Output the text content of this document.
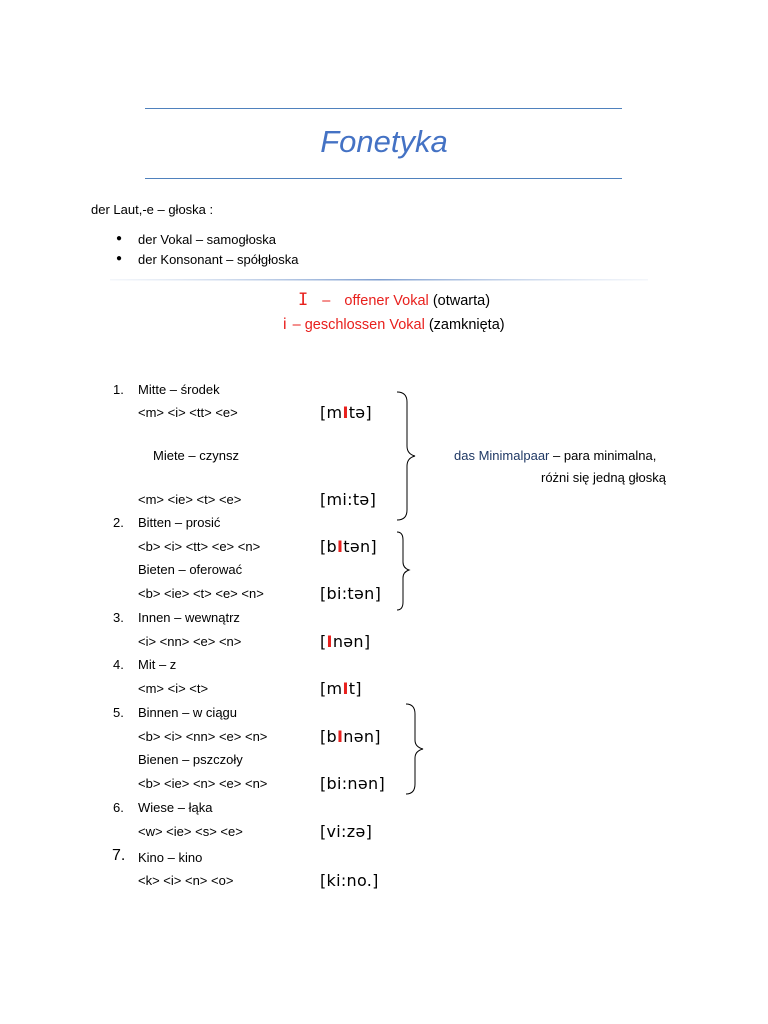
Fonetyka
der Laut,-e – głoska :
● der Vokal – samogłoska
● der Konsonant – spółgłoska
I – offener Vokal (otwarta)
i – geschlossen Vokal (zamknięta)
1. Mitte – środek
<m> <i> <tt> <e>	[mItə]
Miete – czynsz
<m> <ie> <t> <e>	[mi:tə]
das Minimalpaar – para minimalna,
różni się jedną głoską
2. Bitten – prosić
<b> <i> <tt> <e> <n>	[bItən]
Bieten – oferować
<b> <ie> <t> <e> <n>	[bi:tən]
3. Innen – wewnątrz
<i> <nn> <e> <n>	[Inən]
4. Mit – z
<m> <i> <t>	[mIt]
5. Binnen – w ciągu
<b> <i> <nn> <e> <n>	[bInən]
Bienen – pszczoły
<b> <ie> <n> <e> <n>	[bi:nən]
6. Wiese – łąka
<w> <ie> <s> <e>	[vi:zə]
7. Kino – kino
<k> <i> <n> <o>	[ki:no.]
